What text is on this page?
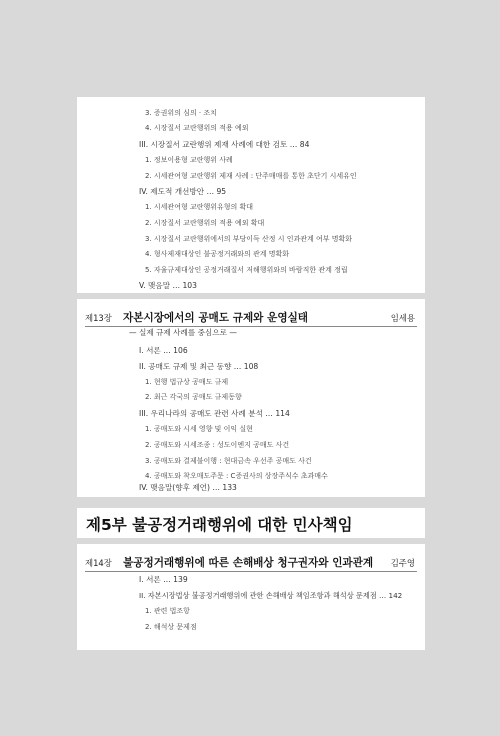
3. 증권위의 심의 · 조치
4. 시장질서 교란행위의 적용 예외
III. 시장질서 교란행위 제재 사례에 대한 검토 … 84
1. 정보이용형 교란행위 사례
2. 시세관여형 교란행위 제재 사례 : 단주매매를 통한 초단기 시세유인
IV. 제도적 개선방안 … 95
1. 시세관여형 교란행위유형의 확대
2. 시장질서 교란행위의 적용 예외 확대
3. 시장질서 교란행위에서의 부당이득 산정 시 인과관계 여부 명확화
4. 형사제재대상인 불공정거래와의 관계 명확화
5. 자율규제대상인 공정거래질서 저해행위와의 바람직한 관계 정립
V. 맺음말 … 103
제13장 자본시장에서의 공매도 규제와 운영실태	임세용
— 실제 규제 사례를 중심으로 —
I. 서론 … 106
II. 공매도 규제 및 최근 동향 … 108
1. 현행 법규상 공매도 규제
2. 최근 각국의 공매도 규제동향
III. 우리나라의 공매도 관련 사례 분석 … 114
1. 공매도와 시세 영향 및 이익 실현
2. 공매도와 시세조종 : 성도이엔지 공매도 사건
3. 공매도와 결제불이행 : 현대금속 우선주 공매도 사건
4. 공매도와 착오매도주문 : C증권사의 상장주식수 초과매수
IV. 맺음말(향후 제언) … 133
제5부 불공정거래행위에 대한 민사책임
제14장 불공정거래행위에 따른 손해배상 청구권자와 인과관계 김주영
I. 서론 … 139
II. 자본시장법상 불공정거래행위에 관한 손해배상 책임조항과 해석상 문제점 … 142
1. 관련 법조항
2. 해석상 문제점
